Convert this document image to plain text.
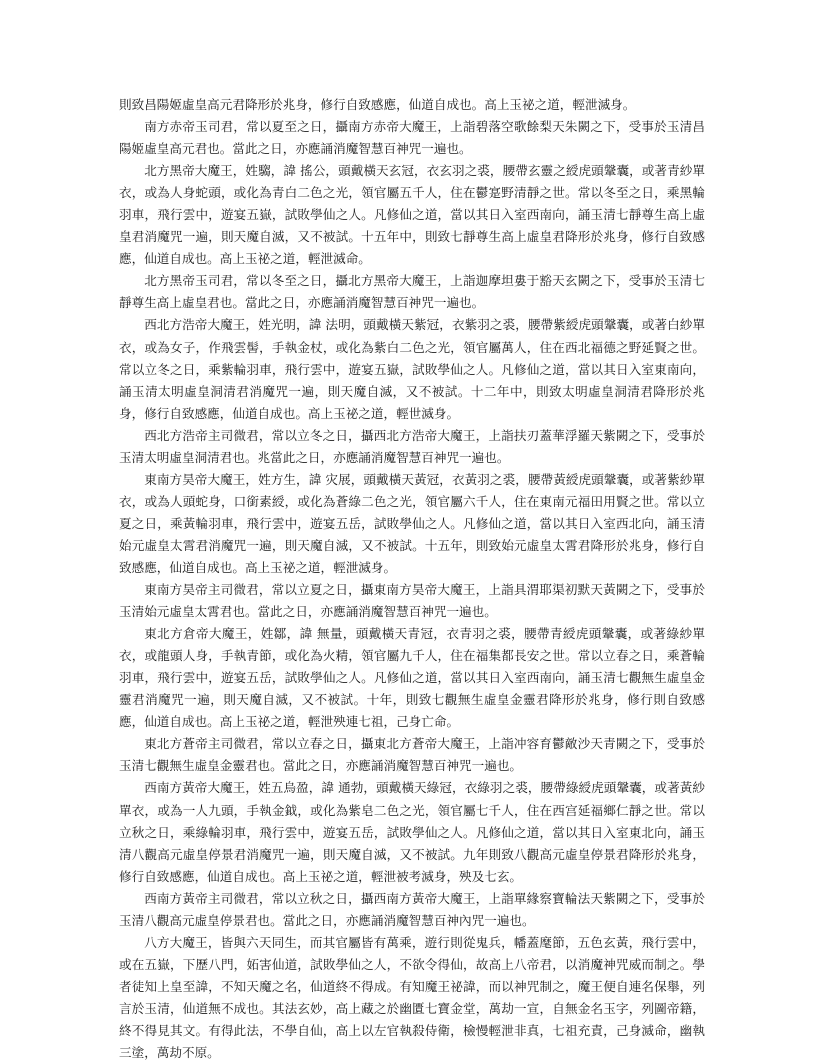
則致昌陽姬虛皇高元君降形於兆身，修行自致感應，仙道自成也。高上玉祕之道，輕泄滅身。

南方赤帝玉司君，常以夏至之日，攝南方赤帝大魔王，上詣碧落空歌餘梨天朱闕之下，受事於玉清昌陽姬虛皇高元君也。當此之日，亦應誦消魔智慧百神咒一遍也。

北方黑帝大魔王，姓騶，諱 搖公，頭戴橫天玄冠，衣玄羽之裘，腰帶玄靈之綬虎頭鞶囊，或著青紗單衣，或為人身蛇頭，或化為青白二色之光，領官屬五千人，住在鬱寔野清靜之世。常以冬至之日，乘黑輪羽車，飛行雲中，遊宴五嶽，試敗學仙之人。凡修仙之道，當以其日入室西南向，誦玉清七靜尊生高上虛皇君消魔咒一遍，則天魔自滅，又不被試。十五年中，則致七靜尊生高上虛皇君降形於兆身，修行自致感應，仙道自成也。高上玉祕之道，輕泄滅命。

北方黑帝玉司君，常以冬至之日，攝北方黑帝大魔王，上詣迦摩坦婁于豁天玄闕之下，受事於玉清七靜尊生高上虛皇君也。當此之日，亦應誦消魔智慧百神咒一遍也。

西北方浩帝大魔王，姓光明，諱 法明，頭戴橫天紫冠，衣紫羽之裘，腰帶紫綬虎頭鞶囊，或著白紗單衣，或為女子，作飛雲髻，手執金杖，或化為紫白二色之光，領官屬萬人，住在西北福德之野延賢之世。常以立冬之日，乘紫輪羽車，飛行雲中，遊宴五嶽，試敗學仙之人。凡修仙之道，當以其日入室東南向，誦玉清太明虛皇洞清君消魔咒一遍，則天魔自滅，又不被試。十二年中，則致太明虛皇洞清君降形於兆身，修行自致感應，仙道自成也。高上玉祕之道，輕世滅身。

西北方浩帝主司微君，常以立冬之日，攝西北方浩帝大魔王，上詣扶刃蓋華浮羅天紫闕之下，受事於玉清太明虛皇洞清君也。兆當此之日，亦應誦消魔智慧百神咒一遍也。

東南方昊帝大魔王，姓方生，諱 灾展，頭戴橫天黃冠，衣黃羽之裘，腰帶黃綬虎頭鞶囊，或著紫紗單衣，或為人頭蛇身，口銜素綬，或化為蒼綠二色之光，領官屬六千人，住在東南元福田用賢之世。常以立夏之日，乘黃輪羽車，飛行雲中，遊宴五岳，試敗學仙之人。凡修仙之道，當以其日入室西北向，誦玉清始元虛皇太霄君消魔咒一遍，則天魔自滅，又不被試。十五年，則致始元虛皇太霄君降形於兆身，修行自致感應，仙道自成也。高上玉祕之道，輕泄滅身。

東南方昊帝主司微君，常以立夏之日，攝東南方昊帝大魔王，上詣具渭耶渠初默天黃闕之下，受事於玉清始元虛皇太霄君也。當此之日，亦應誦消魔智慧百神咒一遍也。

東北方倉帝大魔王，姓鄒，諱 無量，頭戴橫天青冠，衣青羽之裘，腰帶青綬虎頭鞶囊，或著綠紗單衣，或龍頭人身，手執青節，或化為火精，領官屬九千人，住在福集都長安之世。常以立春之日，乘蒼輪羽車，飛行雲中，遊宴五岳，試敗學仙之人。凡修仙之道，當以其日入室西南向，誦玉清七觀無生虛皇金靈君消魔咒一遍，則天魔自滅，又不被試。十年，則致七觀無生虛皇金靈君降形於兆身，修行則自致感應，仙道自成也。高上玉祕之道，輕泄殃連七祖，己身亡命。

東北方蒼帝主司微君，常以立春之日，攝東北方蒼帝大魔王，上詣冲容育鬱敵沙天青闕之下，受事於玉清七觀無生虛皇金靈君也。當此之日，亦應誦消魔智慧百神咒一遍也。

西南方黃帝大魔王，姓五烏盈，諱 通勃，頭戴橫天綠冠，衣綠羽之裘，腰帶綠綬虎頭鞶囊，或著黃紗單衣，或為一人九頭，手執金鉞，或化為紫皂二色之光，領官屬七千人，住在西宫延福鄉仁靜之世。常以立秋之日，乘綠輪羽車，飛行雲中，遊宴五岳，試敗學仙之人。凡修仙之道，當以其日入室東北向，誦玉清八觀高元虛皇停景君消魔咒一遍，則天魔自滅，又不被試。九年則致八觀高元虛皇停景君降形於兆身，修行自致感應，仙道自成也。高上玉祕之道，輕泄被考滅身，殃及七玄。

西南方黃帝主司微君，常以立秋之日，攝西南方黃帝大魔王，上詣單緣察寶輪法天紫闕之下，受事於玉清八觀高元虛皇停景君也。當此之日，亦應誦消魔智慧百神內咒一遍也。

八方大魔王，皆與六天同生，而其官屬皆有萬乘，遊行則從鬼兵，幡蓋麾節，五色玄黃，飛行雲中，或在五嶽，下歷八門，妬害仙道，試敗學仙之人，不欲令得仙，故高上八帝君，以消魔神咒威而制之。學者徒知上皇至諱，不知天魔之名，仙道終不得成。有知魔王祕諱，而以神咒制之，魔王便自連名保舉，列言於玉清，仙道無不成也。其法玄妙，高上藏之於幽匱七寶金堂，萬劫一宣，自無金名玉字，列圖帝籍，終不得見其文。有得此法，不學自仙，高上以左官執殺侍衛，檢慢輕泄非真，七祖充責，己身滅命，幽執三塗，萬劫不原。
